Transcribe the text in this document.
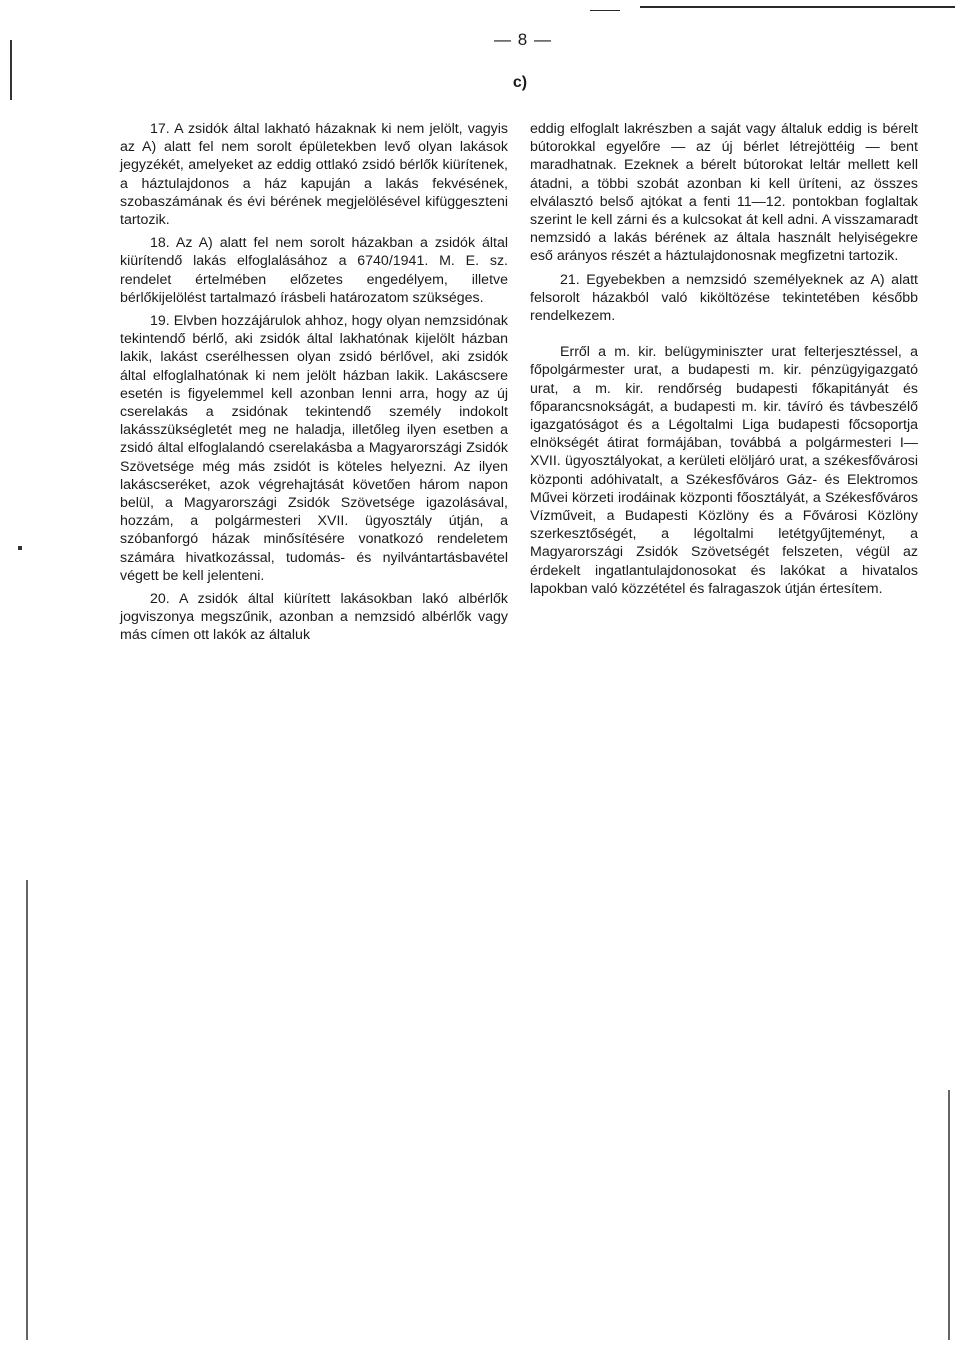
— 8 —
c)

17. A zsidók által lakható házaknak ki nem jelölt, vagyis az A) alatt fel nem sorolt épületekben levő olyan lakások jegyzékét, amelyeket az eddig ottlakó zsidó bérlők kiürítenek, a háztulajdonos a ház kapuján a lakás fekvésének, szobaszámának és évi bérének megjelölésével kifüggeszteni tartozik.

18. Az A) alatt fel nem sorolt házakban a zsidók által kiürítendő lakás elfoglalásához a 6740/1941. M. E. sz. rendelet értelmében előzetes engedélyem, illetve bérlőkijelölést tartalmazó írásbeli határozatom szükséges.

19. Elvben hozzájárulok ahhoz, hogy olyan nemzsidónak tekintendő bérlő, aki zsidók által lakhatónak kijelölt házban lakik, lakást cserélhessen olyan zsidó bérlővel, aki zsidók által elfoglalhatónak ki nem jelölt házban lakik. Lakáscsere esetén is figyelemmel kell azonban lenni arra, hogy az új cserelakás a zsidónak tekintendő személy indokolt lakásszükségletét meg ne haladja, illetőleg ilyen esetben a zsidó által elfoglalandó cserelakásba a Magyarországi Zsidók Szövetsége még más zsidót is köteles helyezni. Az ilyen lakáscseréket, azok végrehajtását követően három napon belül, a Magyarországi Zsidók Szövetsége igazolásával, hozzám, a polgármesteri XVII. ügyosztály útján, a szóbanforgó házak minősítésére vonatkozó rendeletem számára hivatkozással, tudomás- és nyilvántartásbavétel végett be kell jelenteni.

20. A zsidók által kiürített lakásokban lakó albérlők jogviszonya megszűnik, azonban a nemzsidó albérlők vagy más címen ott lakók az általuk

eddig elfoglalt lakrészben a saját vagy általuk eddig is bérelt bútorokkal egyelőre — az új bérlet létrejöttéig — bent maradhatnak. Ezeknek a bérelt bútorokat leltár mellett kell átadni, a többi szobát azonban ki kell üríteni, az összes elválasztó belső ajtókat a fenti 11—12. pontokban foglaltak szerint le kell zárni és a kulcsokat át kell adni. A visszamaradt nemzsidó a lakás bérének az általa használt helyiségekre eső arányos részét a háztulajdonosnak megfizetni tartozik.

21. Egyebekben a nemzsidó személyeknek az A) alatt felsorolt házakból való kiköltözése tekintetében később rendelkezem.

Erről a m. kir. belügyminiszter urat felterjesztéssel, a főpolgármester urat, a budapesti m. kir. pénzügyigazgató urat, a m. kir. rendőrség budapesti főkapitányát és főparancsnokságát, a budapesti m. kir. távíró és távbeszélő igazgatóságot és a Légoltalmi Liga budapesti főcsoportja elnökségét átirat formájában, továbbá a polgármesteri I—XVII. ügyosztályokat, a kerületi elöljáró urat, a székesfővárosi központi adóhivatalt, a Székesfőváros Gáz- és Elektromos Művei körzeti irodáinak központi főosztályát, a Székesfőváros Vízműveit, a Budapesti Közlöny és a Fővárosi Közlöny szerkesztőségét, a légoltalmi letétgyűjteményt, a Magyarországi Zsidók Szövetségét felszeten, végül az érdekelt ingatlantulajdonosokat és lakókat a hivatalos lapokban való közzététel és falragaszok útján értesítem.
